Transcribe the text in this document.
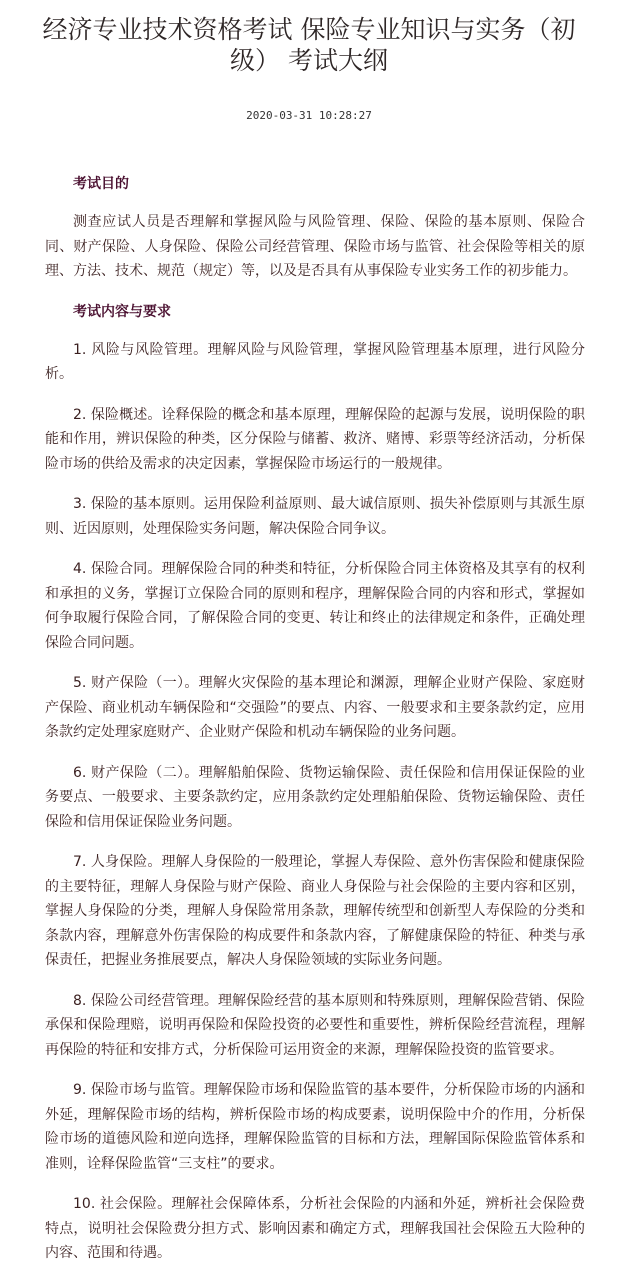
经济专业技术资格考试 保险专业知识与实务（初级） 考试大纲
2020-03-31 10:28:27
考试目的

测查应试人员是否理解和掌握风险与风险管理、保险、保险的基本原则、保险合同、财产保险、人身保险、保险公司经营管理、保险市场与监管、社会保险等相关的原理、方法、技术、规范（规定）等，以及是否具有从事保险专业实务工作的初步能力。

考试内容与要求

1. 风险与风险管理。理解风险与风险管理，掌握风险管理基本原理，进行风险分析。

2. 保险概述。诠释保险的概念和基本原理，理解保险的起源与发展，说明保险的职能和作用，辨识保险的种类，区分保险与储蓄、救济、赌博、彩票等经济活动，分析保险市场的供给及需求的决定因素，掌握保险市场运行的一般规律。

3. 保险的基本原则。运用保险利益原则、最大诚信原则、损失补偿原则与其派生原则、近因原则，处理保险实务问题，解决保险合同争议。

4. 保险合同。理解保险合同的种类和特征，分析保险合同主体资格及其享有的权利和承担的义务，掌握订立保险合同的原则和程序，理解保险合同的内容和形式，掌握如何争取履行保险合同，了解保险合同的变更、转让和终止的法律规定和条件，正确处理保险合同问题。

5. 财产保险（一）。理解火灾保险的基本理论和渊源，理解企业财产保险、家庭财产保险、商业机动车辆保险和“交强险”的要点、内容、一般要求和主要条款约定，应用条款约定处理家庭财产、企业财产保险和机动车辆保险的业务问题。

6. 财产保险（二）。理解船舶保险、货物运输保险、责任保险和信用保证保险的业务要点、一般要求、主要条款约定，应用条款约定处理船舶保险、货物运输保险、责任保险和信用保证保险业务问题。

7. 人身保险。理解人身保险的一般理论，掌握人寿保险、意外伤害保险和健康保险的主要特征，理解人身保险与财产保险、商业人身保险与社会保险的主要内容和区别，掌握人身保险的分类，理解人身保险常用条款，理解传统型和创新型人寿保险的分类和条款内容，理解意外伤害保险的构成要件和条款内容，了解健康保险的特征、种类与承保责任，把握业务推展要点，解决人身保险领域的实际业务问题。

8. 保险公司经营管理。理解保险经营的基本原则和特殊原则，理解保险营销、保险承保和保险理赔，说明再保险和保险投资的必要性和重要性，辨析保险经营流程，理解再保险的特征和安排方式，分析保险可运用资金的来源，理解保险投资的监管要求。

9. 保险市场与监管。理解保险市场和保险监管的基本要件，分析保险市场的内涵和外延，理解保险市场的结构，辨析保险市场的构成要素，说明保险中介的作用，分析保险市场的道德风险和逆向选择，理解保险监管的目标和方法，理解国际保险监管体系和准则，诠释保险监管“三支柱”的要求。

10. 社会保险。理解社会保障体系，分析社会保险的内涵和外延，辨析社会保险费特点，说明社会保险费分担方式、影响因素和确定方式，理解我国社会保险五大险种的内容、范围和待遇。
